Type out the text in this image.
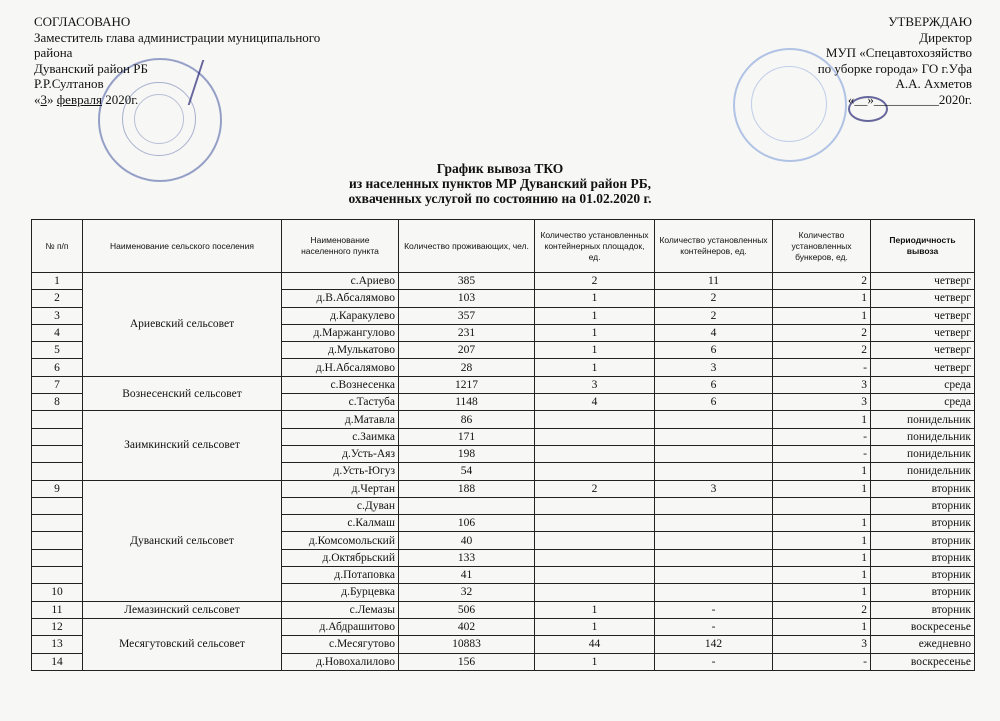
СОГЛАСОВАНО
Заместитель глава администрации муниципального
района
Дуванский район РБ
Р.Р.Султанов
«3» февраля 2020г.
УТВЕРЖДАЮ
Директор
МУП «Спецавтохозяйство
по уборке города» ГО г.Уфа
А.А. Ахметов
«__»__________2020г.
График вывоза ТКО
из населенных пунктов МР Дуванский район РБ,
охваченных услугой по состоянию на 01.02.2020 г.
№ п/п	Наименование сельского поселения	Наименование населенного пункта	Количество проживающих, чел.	Количество установленных контейнерных площадок, ед.	Количество установленных контейнеров, ед.	Количество установленных бункеров, ед.	Периодичность вывоза
1	Ариевский сельсовет	с.Ариево	385	2	11	2	четверг
2		д.В.Абсалямово	103	1	2	1	четверг
3		д.Каракулево	357	1	2	1	четверг
4		д.Маржангулово	231	1	4	2	четверг
5		д.Мулькатово	207	1	6	2	четверг
6		д.Н.Абсалямово	28	1	3	-	четверг
7	Вознесенский сельсовет	с.Вознесенка	1217	3	6	3	среда
8		с.Тастуба	1148	4	6	3	среда
	Заимкинский сельсовет	д.Матавла	86			1	понидельник
		с.Заимка	171			-	понидельник
		д.Усть-Аяз	198			-	понидельник
		д.Усть-Югуз	54			1	понидельник
9	Дуванский сельсовет	д.Чертан	188	2	3	1	вторник
		с.Дуван					вторник
		с.Калмаш	106			1	вторник
		д.Комсомольский	40			1	вторник
		д.Октябрьский	133			1	вторник
		д.Потаповка	41			1	вторник
10		д.Бурцевка	32			1	вторник
11	Лемазинский сельсовет	с.Лемазы	506	1	-	2	вторник
12	Месягутовский сельсовет	д.Абдрашитово	402	1	-	1	воскресенье
13		с.Месягутово	10883	44	142	3	ежедневно
14		д.Новохалилово	156	1	-	-	воскресенье
